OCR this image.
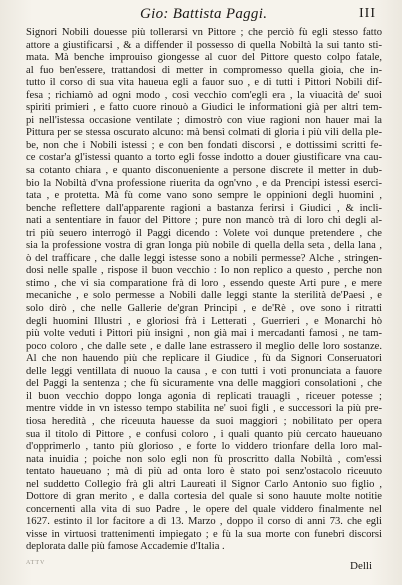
Gio: Battista Paggi.	III
Signori Nobili douesse più tollerarsi vn Pittore ; che perciò fù egli stesso fatto
attore a giustificarsi , & a diffender il possesso di quella Nobiltà la sui tanto sti-
mata. Mà benche improuiso giongesse al cuor del Pittore questo colpo fatale,
al fuo ben'essere, trattandosi di metter in compromesso quella gioia, che in-
tutto il corso di sua vita haueua egli a fauor suo , e di tutti i Pittori Nobili dif-
fesa ; richiamò ad ogni modo , così vecchio com'egli era , la viuacità de' suoi
spiriti primieri , e fatto cuore rinouò a Giudici le informationi già per altri tem-
pi nell'istessa occasione ventilate ; dimostrò con viue ragioni non hauer mai la
Pittura per se stessa oscurato alcuno: mà bensì colmati di gloria i più vili della ple-
be, non che i Nobili istessi ; e con ben fondati discorsi , e dottissimi scritti fe-
ce costar'a gl'istessi quanto a torto egli fosse indotto a douer giustificare vna cau-
sa cotanto chiara , e quanto disconueniente a persone discrete il metter in dub-
bio la Nobiltà d'vna professione riuerita da ogn'vno , e da Prencipi istessi eserci-
tata , e protetta. Mà fù come vano sono sempre le oppinioni degli huomini ,
benche reflettere dall'apparente ragioni a bastanza ferirsi i Giudici , & incli-
nati a sententiare in fauor del Pittore ; pure non mancò trà di loro chi degli al-
tri più seuero interrogò il Paggi dicendo : Volete voi dunque pretendere , che
sia la professione vostra di gran longa più nobile di quella della seta , della lana ,
ò del trafficare , che dalle leggi istesse sono a nobili permesse? Alche , stringen-
dosi nelle spalle , rispose il buon vecchio : Io non replico a questo , perche non
stimo , che vi sia comparatione frà di loro , essendo queste Arti pure , e mere
mecaniche , e solo permesse a Nobili dalle leggi stante la sterilità de'Paesi , e
solo dirò , che nelle Gallerie de'gran Principi , e de'Rè , ove sono i ritratti
degli huomini Illustri , e gloriosi frà i Letterati , Guerrieri , e Monarchi hò
più volte veduti i Pittori più insigni , non già mai i mercadanti famosi , ne tam-
poco coloro , che dalle sete , e dalle lane estrassero il meglio delle loro sostanze.
Al che non hauendo più che replicare il Giudice , fù da Signori Conseruatori
delle leggi ventillata di nuouo la causa , e con tutti i voti pronunciata a fauore
del Paggi la sentenza ; che fù sicuramente vna delle maggiori consolationi , che
il buon vecchio doppo longa agonia di replicati trauagli , riceuer potesse ;
mentre vidde in vn istesso tempo stabilita ne' suoi figli , e successori la più pre-
tiosa heredità , che riceuuta hauesse da suoi maggiori ; nobilitato per opera
sua il titolo di Pittore , e confusi coloro , i quali quanto più cercato haueuano
d'opprimerlo , tanto più glorioso , e forte lo viddero trionfare della loro mal-
nata inuidia ; poiche non solo egli non fù proscritto dalla Nobiltà , com'essi
tentato haueuano ; mà di più ad onta loro è stato poi senz'ostacolo riceuuto
nel suddetto Collegio frà gli altri Laureati il Signor Carlo Antonio suo figlio ,
Dottore di gran merito , e dalla cortesia del quale si sono hauute molte notitie
concernenti alla vita di suo Padre , le opere del quale viddero finalmente nel
1627. estinto il lor facitore a dì 13. Marzo , doppo il corso di anni 73. che egli
visse in virtuosi trattenimenti impiegato ; e fù la sua morte con funebri discorsi
deplorata dalle più famose Accademie d'Italia .
ATTV	Delli
